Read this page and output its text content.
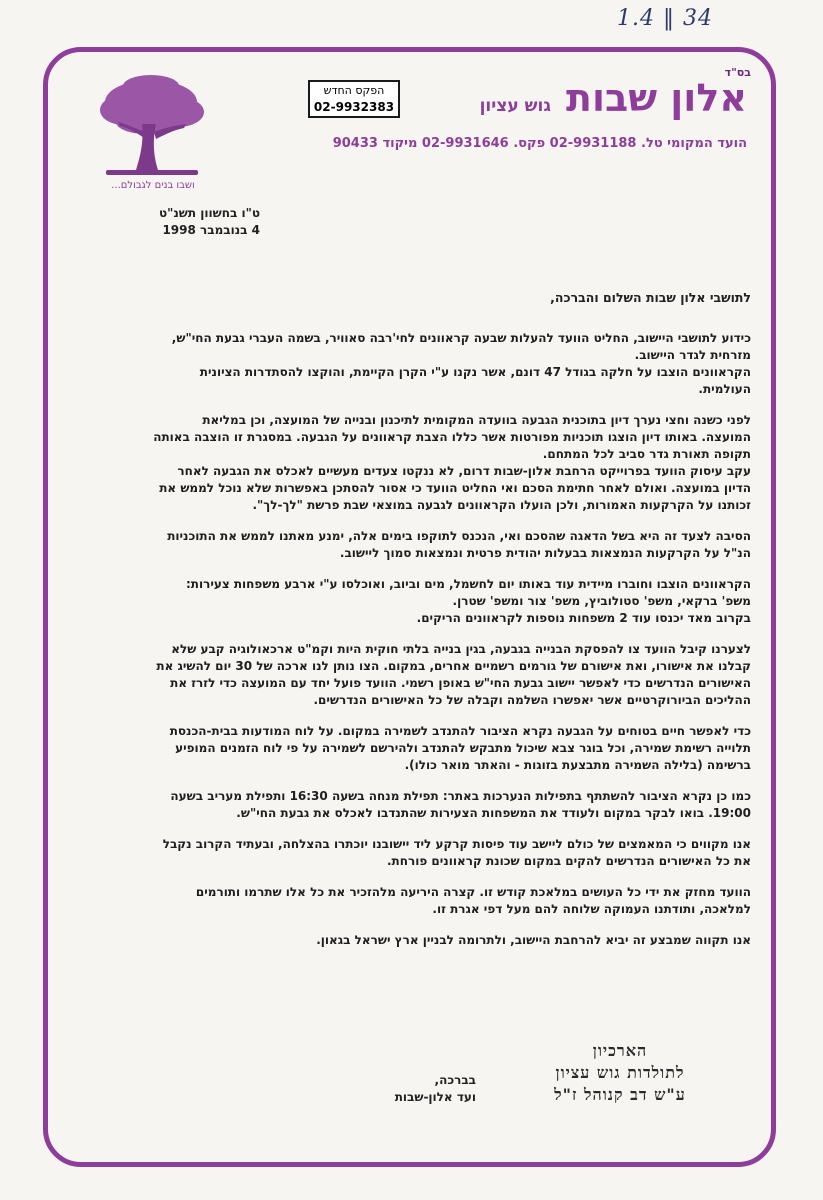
1.4 ‖ 34
בס"ד
ושבו בנים לגבולם...
הפקס החדש
02-9932383	אלון שבות גוש עציון
הועד המקומי טל. 02-9931188 פקס. 02-9931646 מיקוד 90433
ט"ו בחשוון תשנ"ט
4 בנובמבר 1998
לתושבי אלון שבות השלום והברכה,

כידוע לתושבי היישוב, החליט הוועד להעלות שבעה קראוונים לחי'רבה סאוויר, בשמה העברי גבעת החי"ש,
מזרחית לגדר היישוב.
הקראוונים הוצבו על חלקה בגודל 47 דונם, אשר נקנו ע"י הקרן הקיימת, והוקצו להסתדרות הציונית
העולמית.

לפני כשנה וחצי נערך דיון בתוכנית הגבעה בוועדה המקומית לתיכנון ובנייה של המועצה, וכן במליאת
המועצה. באותו דיון הוצגו תוכניות מפורטות אשר כללו הצבת קראוונים על הגבעה. במסגרת זו הוצבה באותה
תקופה תאורת גדר סביב לכל המתחם.
עקב עיסוק הוועד בפרוייקט הרחבת אלון-שבות דרום, לא ננקטו צעדים מעשיים לאכלס את הגבעה לאחר
הדיון במועצה. ואולם לאחר חתימת הסכם ואי החליט הוועד כי אסור להסתכן באפשרות שלא נוכל לממש את
זכותנו על הקרקעות האמורות, ולכן הועלו הקראוונים לגבעה במוצאי שבת פרשת "לך-לך".

הסיבה לצעד זה היא בשל הדאגה שהסכם ואי, הנכנס לתוקפו בימים אלה, ימנע מאתנו לממש את התוכניות
הנ"ל על הקרקעות הנמצאות בבעלות יהודית פרטית ונמצאות סמוך ליישוב.

הקראוונים הוצבו וחוברו מיידית עוד באותו יום לחשמל, מים וביוב, ואוכלסו ע"י ארבע משפחות צעירות:
משפ' ברקאי, משפ' סטולוביץ, משפ' צור ומשפ' שטרן.
בקרוב מאד יכנסו עוד 2 משפחות נוספות לקראוונים הריקים.

לצערנו קיבל הוועד צו להפסקת הבנייה בגבעה, בגין בנייה בלתי חוקית היות וקמ"ט ארכאולוגיה קבע שלא
קבלנו את אישורו, ואת אישורם של גורמים רשמיים אחרים, במקום. הצו נותן לנו ארכה של 30 יום להשיג את
האישורים הנדרשים כדי לאפשר יישוב גבעת החי"ש באופן רשמי. הוועד פועל יחד עם המועצה כדי לזרז את
ההליכים הביורוקרטיים אשר יאפשרו השלמה וקבלה של כל האישורים הנדרשים.

כדי לאפשר חיים בטוחים על הגבעה נקרא הציבור להתנדב לשמירה במקום. על לוח המודעות בבית-הכנסת
תלוייה רשימת שמירה, וכל בוגר צבא שיכול מתבקש להתנדב ולהירשם לשמירה על פי לוח הזמנים המופיע
ברשימה (בלילה השמירה מתבצעת בזוגות - והאתר מואר כולו).

כמו כן נקרא הציבור להשתתף בתפילות הנערכות באתר: תפילת מנחה בשעה 16:30 ותפילת מעריב בשעה
19:00. בואו לבקר במקום ולעודד את המשפחות הצעירות שהתנדבו לאכלס את גבעת החי"ש.

אנו מקווים כי המאמצים של כולם ליישב עוד פיסות קרקע ליד יישובנו יוכתרו בהצלחה, ובעתיד הקרוב נקבל
את כל האישורים הנדרשים להקים במקום שכונת קראוונים פורחת.

הוועד מחזק את ידי כל העושים במלאכת קודש זו. קצרה היריעה מלהזכיר את כל אלו שתרמו ותורמים
למלאכה, ותודתנו העמוקה שלוחה להם מעל דפי אגרת זו.

אנו תקווה שמבצע זה יביא להרחבת היישוב, ולתרומה לבניין ארץ ישראל בגאון.

הארכיון
לתולדות גוש עציון
ע"ש דב קנוהל ז"ל
בברכה,
ועד אלון-שבות
